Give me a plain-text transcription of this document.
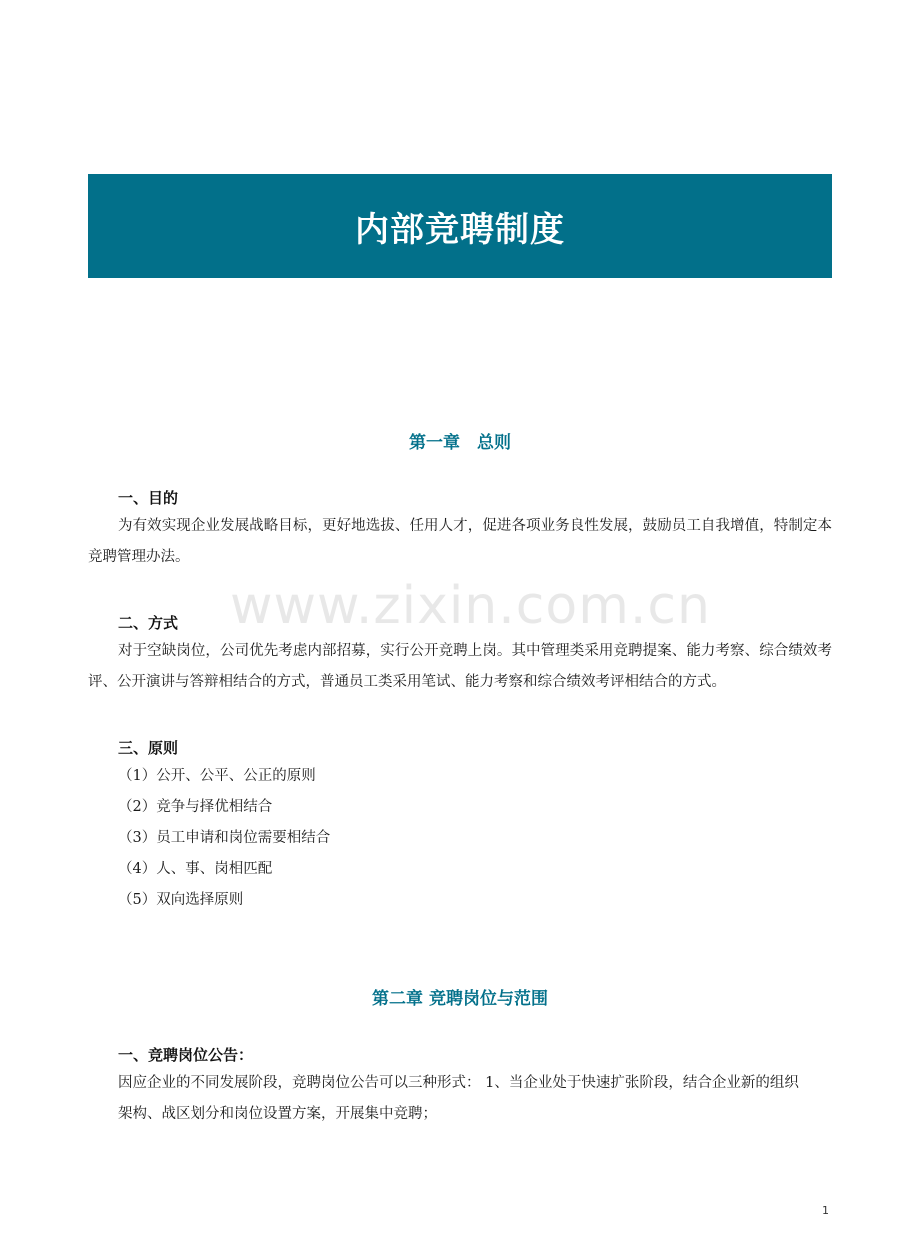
内部竞聘制度
第一章　总则
一、目的

为有效实现企业发展战略目标，更好地选拔、任用人才，促进各项业务良性发展，鼓励员工自我增值，特制定本竞聘管理办法。

www.zixin.com.cn
二、方式

对于空缺岗位，公司优先考虑内部招募，实行公开竞聘上岗。其中管理类采用竞聘提案、能力考察、综合绩效考评、公开演讲与答辩相结合的方式，普通员工类采用笔试、能力考察和综合绩效考评相结合的方式。

三、原则
（1）公开、公平、公正的原则
（2）竞争与择优相结合
（3）员工申请和岗位需要相结合
（4）人、事、岗相匹配
（5）双向选择原则
第二章 竞聘岗位与范围
一、竞聘岗位公告：

因应企业的不同发展阶段，竞聘岗位公告可以三种形式： 1、当企业处于快速扩张阶段，结合企业新的组织架构、战区划分和岗位设置方案，开展集中竞聘；

1
